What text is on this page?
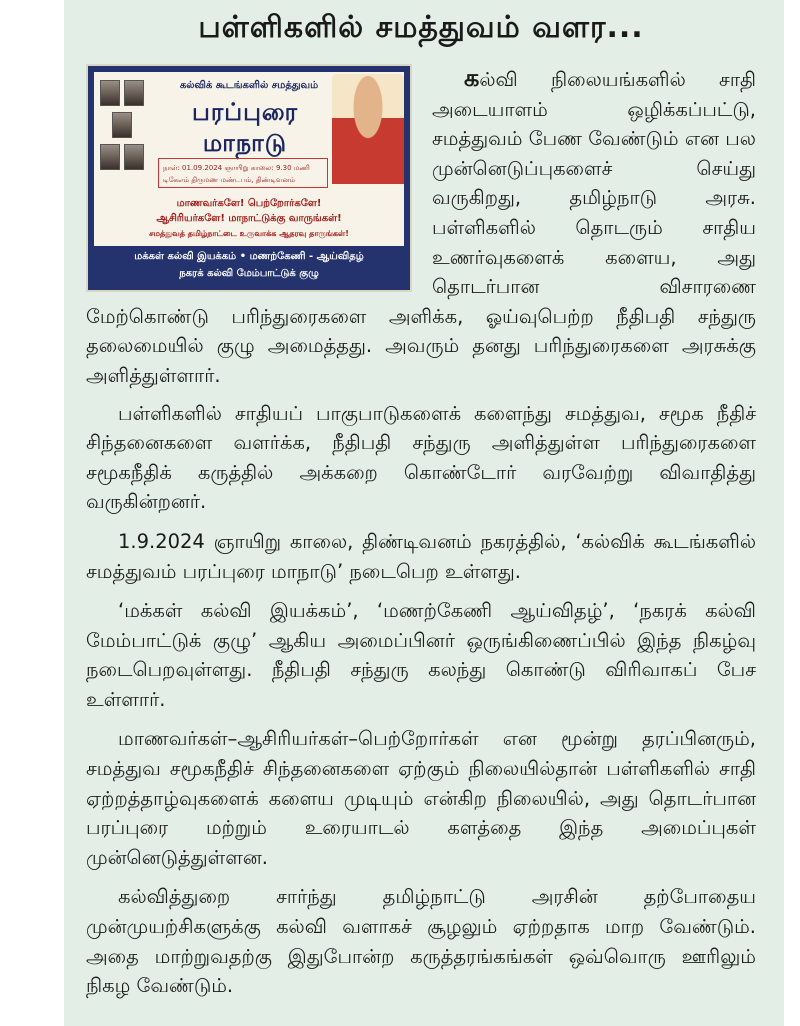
பள்ளிகளில் சமத்துவம் வளர...
கல்விக் கூடங்களில் சமத்துவம்
பரப்புரை மாநாடு
நாள்: 01.09.2024 ஞாயிறு காலை: 9.30 மணி
டிகேஎம் திருமண மண்டபம், திண்டிவனம்
மாணவர்களே! பெற்றோர்களே!
ஆசிரியர்களே! மாநாட்டுக்கு வாருங்கள்!
சமத்துவத் தமிழ்நாட்டை உருவாக்க ஆதரவு தாருங்கள்!
மக்கள் கல்வி இயக்கம் • மணற்கேணி - ஆய்விதழ்
நகரக் கல்வி மேம்பாட்டுக் குழு

கல்வி நிலையங்களில் சாதி அடையாளம் ஒழிக்கப்பட்டு, சமத்துவம் பேண வேண்டும் என பல முன்னெடுப்புகளைச் செய்து வருகிறது, தமிழ்நாடு அரசு. பள்ளிகளில் தொடரும் சாதிய உணர்வுகளைக் களைய, அது தொடர்பான விசாரணை மேற்கொண்டு பரிந்துரைகளை அளிக்க, ஓய்வுபெற்ற நீதிபதி சந்துரு தலைமையில் குழு அமைத்தது. அவரும் தனது பரிந்துரைகளை அரசுக்கு அளித்துள்ளார்.

பள்ளிகளில் சாதியப் பாகுபாடுகளைக் களைந்து சமத்துவ, சமூக நீதிச் சிந்தனைகளை வளர்க்க, நீதிபதி சந்துரு அளித்துள்ள பரிந்துரைகளை சமூகநீதிக் கருத்தில் அக்கறை கொண்டோர் வரவேற்று விவாதித்து வருகின்றனர்.

1.9.2024 ஞாயிறு காலை, திண்டிவனம் நகரத்தில், ‘கல்விக் கூடங்களில் சமத்துவம் பரப்புரை மாநாடு’ நடைபெற உள்ளது.

‘மக்கள் கல்வி இயக்கம்’, ‘மணற்கேணி ஆய்விதழ்’, ‘நகரக் கல்வி மேம்பாட்டுக் குழு’ ஆகிய அமைப்பினர் ஒருங்கிணைப்பில் இந்த நிகழ்வு நடைபெறவுள்ளது. நீதிபதி சந்துரு கலந்து கொண்டு விரிவாகப் பேச உள்ளார்.

மாணவர்கள்–ஆசிரியர்கள்–பெற்றோர்கள் என மூன்று தரப்பினரும், சமத்துவ சமூகநீதிச் சிந்தனைகளை ஏற்கும் நிலையில்தான் பள்ளிகளில் சாதி ஏற்றத்தாழ்வுகளைக் களைய முடியும் என்கிற நிலையில், அது தொடர்பான பரப்புரை மற்றும் உரையாடல் களத்தை இந்த அமைப்புகள் முன்னெடுத்துள்ளன.

கல்வித்துறை சார்ந்து தமிழ்நாட்டு அரசின் தற்போதைய முன்முயற்சிகளுக்கு கல்வி வளாகச் சூழலும் ஏற்றதாக மாற வேண்டும். அதை மாற்றுவதற்கு இதுபோன்ற கருத்தரங்கங்கள் ஒவ்வொரு ஊரிலும் நிகழ வேண்டும்.
